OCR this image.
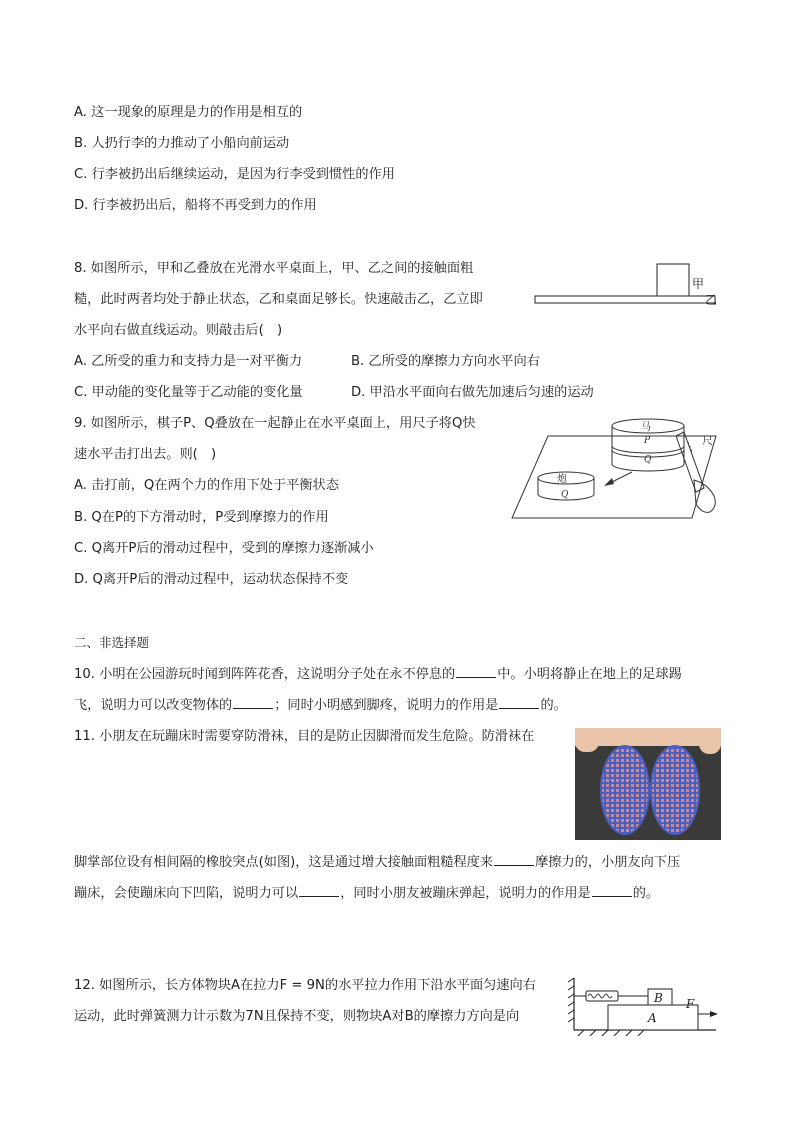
A. 这一现象的原理是力的作用是相互的
B. 人扔行李的力推动了小船向前运动
C. 行李被扔出后继续运动，是因为行李受到惯性的作用
D. 行李被扔出后，船将不再受到力的作用
8. 如图所示，甲和乙叠放在光滑水平桌面上，甲、乙之间的接触面粗
糙，此时两者均处于静止状态，乙和桌面足够长。快速敲击乙，乙立即
水平向右做直线运动。则敲击后(　)
A. 乙所受的重力和支持力是一对平衡力	B. 乙所受的摩擦力方向水平向右
C. 甲动能的变化量等于乙动能的变化量	D. 甲沿水平面向右做先加速后匀速的运动
甲
乙
9. 如图所示，棋子P、Q叠放在一起静止在水平桌面上，用尺子将Q快
速水平击打出去。则(　)
A. 击打前，Q在两个力的作用下处于平衡状态
B. Q在P的下方滑动时，P受到摩擦力的作用
C. Q离开P后的滑动过程中，受到的摩擦力逐渐减小
D. Q离开P后的滑动过程中，运动状态保持不变
马
P
Q
炮
Q
尺
二、非选择题
10. 小明在公园游玩时闻到阵阵花香，这说明分子处在永不停息的	中。小明将静止在地上的足球踢
飞，说明力可以改变物体的	；同时小明感到脚疼，说明力的作用是	的。
11. 小朋友在玩蹦床时需要穿防滑袜，目的是防止因脚滑而发生危险。防滑袜在
脚掌部位设有相间隔的橡胶突点(如图)，这是通过增大接触面粗糙程度来	摩擦力的，小朋友向下压
蹦床，会使蹦床向下凹陷，说明力可以	，同时小朋友被蹦床弹起，说明力的作用是	的。
12. 如图所示，长方体物块A在拉力F = 9N的水平拉力作用下沿水平面匀速向右
运动，此时弹簧测力计示数为7N且保持不变，则物块A对B的摩擦力方向是向
B
A
F
